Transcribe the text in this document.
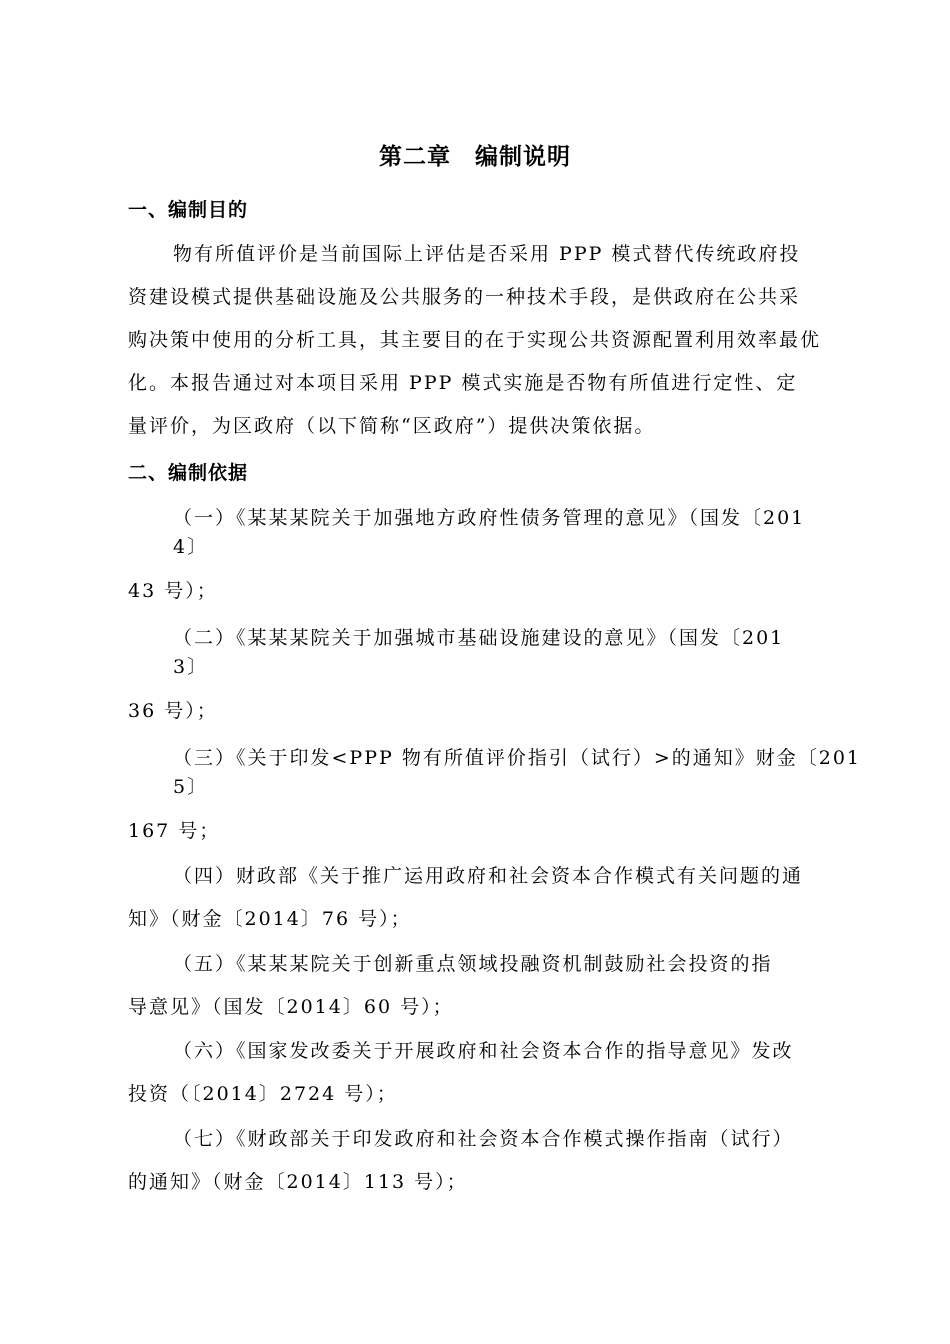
第二章　编制说明
一、编制目的
物有所值评价是当前国际上评估是否采用 PPP 模式替代传统政府投
资建设模式提供基础设施及公共服务的一种技术手段，是供政府在公共采
购决策中使用的分析工具，其主要目的在于实现公共资源配置利用效率最优
化。本报告通过对本项目采用 PPP 模式实施是否物有所值进行定性、定
量评价，为区政府（以下简称“区政府”）提供决策依据。
二、编制依据
（一）《某某某院关于加强地方政府性债务管理的意见》（国发〔201
4〕
43 号）；
（二）《某某某院关于加强城市基础设施建设的意见》（国发〔201
3〕
36 号）；
（三）《关于印发<PPP 物有所值评价指引（试行）>的通知》财金〔201
5〕
167 号；
（四）财政部《关于推广运用政府和社会资本合作模式有关问题的通
知》（财金〔2014〕76 号）；
（五）《某某某院关于创新重点领域投融资机制鼓励社会投资的指
导意见》（国发〔2014〕60 号）；
（六）《国家发改委关于开展政府和社会资本合作的指导意见》发改
投资（〔2014〕2724 号）；
（七）《财政部关于印发政府和社会资本合作模式操作指南（试行）
的通知》（财金〔2014〕113 号）；
